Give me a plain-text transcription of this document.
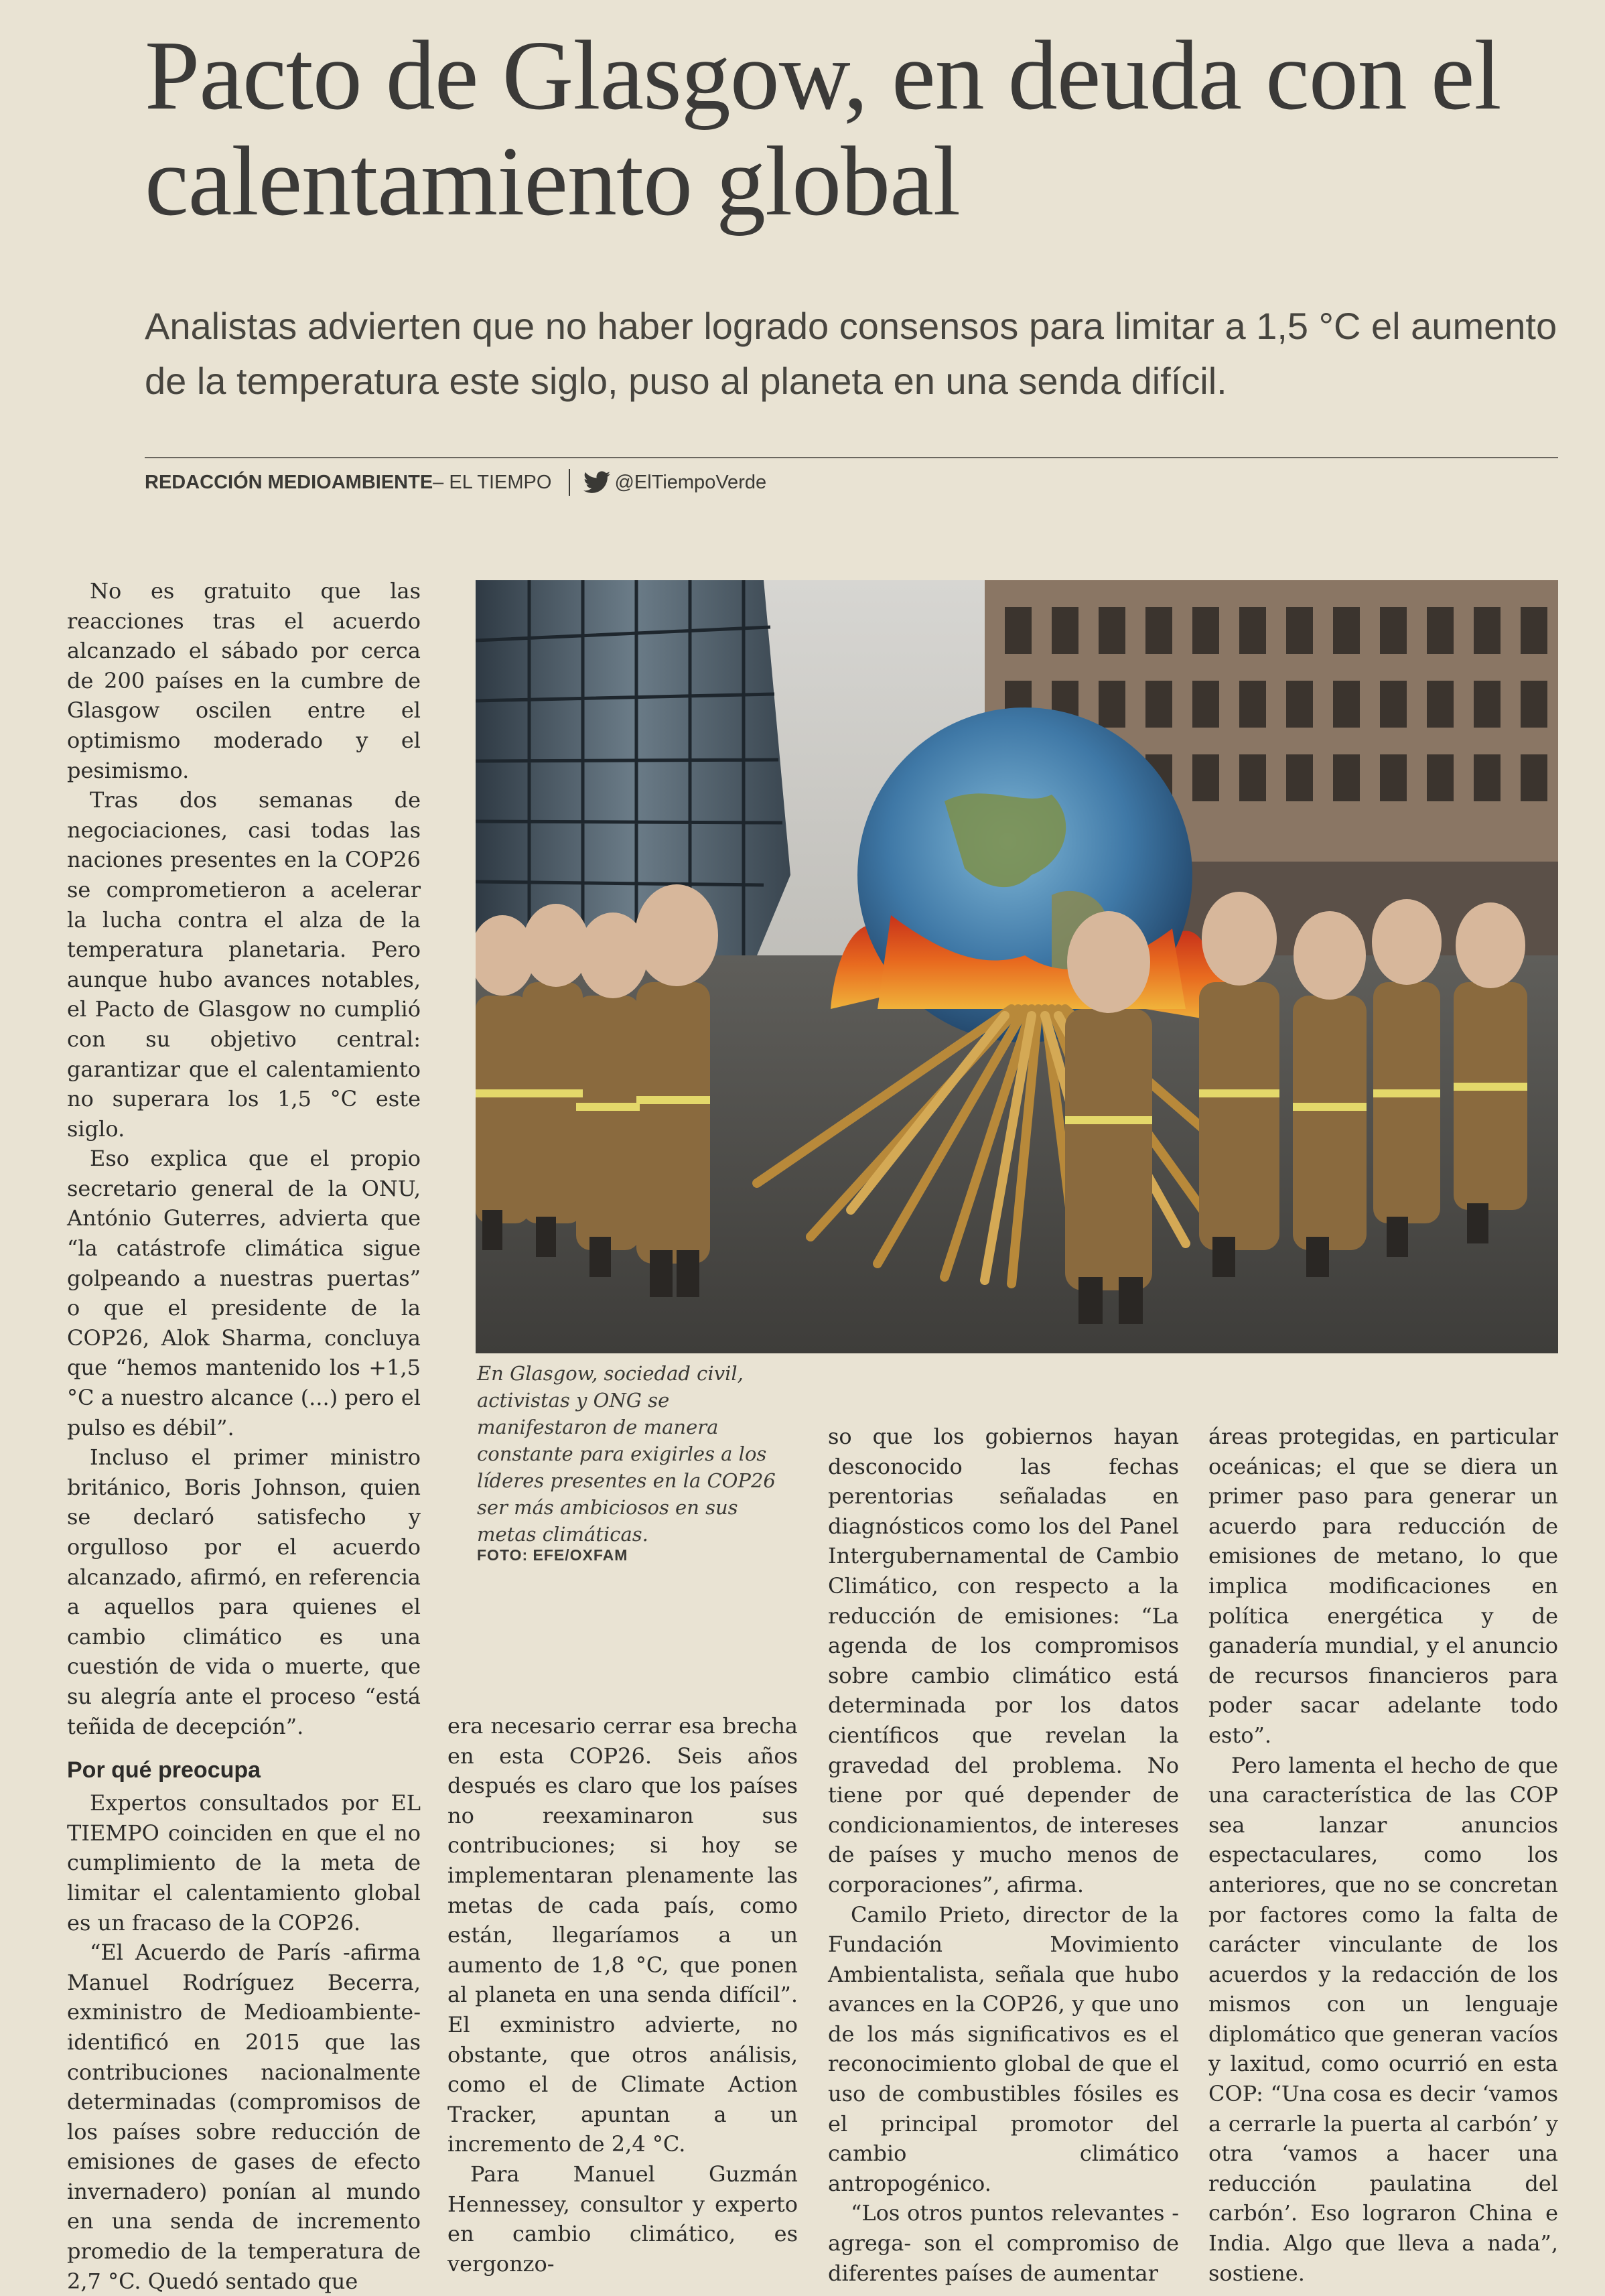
Pacto de Glasgow, en deuda con el calentamiento global

Analistas advierten que no haber logrado consensos para limitar a 1,5 °C el aumento de la temperatura este siglo, puso al planeta en una senda difícil.

REDACCIÓN MEDIOAMBIENTE – EL TIEMPO	@ElTiempoVerde

En Glasgow, sociedad civil, activistas y ONG se manifestaron de manera constante para exigirles a los líderes presentes en la COP26 ser más ambiciosos en sus metas climáticas.

FOTO: EFE/OXFAM

No es gratuito que las reacciones tras el acuerdo alcanzado el sábado por cerca de 200 países en la cumbre de Glasgow oscilen entre el optimismo moderado y el pesimismo.

Tras dos semanas de negociaciones, casi todas las naciones presentes en la COP26 se comprometieron a acelerar la lucha contra el alza de la temperatura planetaria. Pero aunque hubo avances notables, el Pacto de Glasgow no cumplió con su objetivo central: garantizar que el calentamiento no superara los 1,5 °C este siglo.

Eso explica que el propio secretario general de la ONU, António Guterres, advierta que “la catástrofe climática sigue golpeando a nuestras puertas” o que el presidente de la COP26, Alok Sharma, concluya que “hemos mantenido los +1,5 °C a nuestro alcance (...) pero el pulso es débil”.

Incluso el primer ministro británico, Boris Johnson, quien se declaró satisfecho y orgulloso por el acuerdo alcanzado, afirmó, en referencia a aquellos para quienes el cambio climático es una cuestión de vida o muerte, que su alegría ante el proceso “está teñida de decepción”.

Por qué preocupa

Expertos consultados por EL TIEMPO coinciden en que el no cumplimiento de la meta de limitar el calentamiento global es un fracaso de la COP26.

“El Acuerdo de París -afirma Manuel Rodríguez Becerra, exministro de Medioambiente- identificó en 2015 que las contribuciones nacionalmente determinadas (compromisos de los países sobre reducción de emisiones de gases de efecto invernadero) ponían al mundo en una senda de incremento promedio de la temperatura de 2,7 °C. Quedó sentado que

era necesario cerrar esa brecha en esta COP26. Seis años después es claro que los países no reexaminaron sus contribuciones; si hoy se implementaran plenamente las metas de cada país, como están, llegaríamos a un aumento de 1,8 °C, que ponen al planeta en una senda difícil”. El exministro advierte, no obstante, que otros análisis, como el de Climate Action Tracker, apuntan a un incremento de 2,4 °C.

Para Manuel Guzmán Hennessey, consultor y experto en cambio climático, es vergonzo-

so que los gobiernos hayan desconocido las fechas perentorias señaladas en diagnósticos como los del Panel Intergubernamental de Cambio Climático, con respecto a la reducción de emisiones: “La agenda de los compromisos sobre cambio climático está determinada por los datos científicos que revelan la gravedad del problema. No tiene por qué depender de condicionamientos, de intereses de países y mucho menos de corporaciones”, afirma.

Camilo Prieto, director de la Fundación Movimiento Ambientalista, señala que hubo avances en la COP26, y que uno de los más significativos es el reconocimiento global de que el uso de combustibles fósiles es el principal promotor del cambio climático antropogénico.

“Los otros puntos relevantes -agrega- son el compromiso de diferentes países de aumentar

áreas protegidas, en particular oceánicas; el que se diera un primer paso para generar un acuerdo para reducción de emisiones de metano, lo que implica modificaciones en política energética y de ganadería mundial, y el anuncio de recursos financieros para poder sacar adelante todo esto”.

Pero lamenta el hecho de que una característica de las COP sea lanzar anuncios espectaculares, como los anteriores, que no se concretan por factores como la falta de carácter vinculante de los acuerdos y la redacción de los mismos con un lenguaje diplomático que generan vacíos y laxitud, como ocurrió en esta COP: “Una cosa es decir ‘vamos a cerrarle la puerta al carbón’ y otra ‘vamos a hacer una reducción paulatina del carbón’. Eso lograron China e India. Algo que lleva a nada”, sostiene.
